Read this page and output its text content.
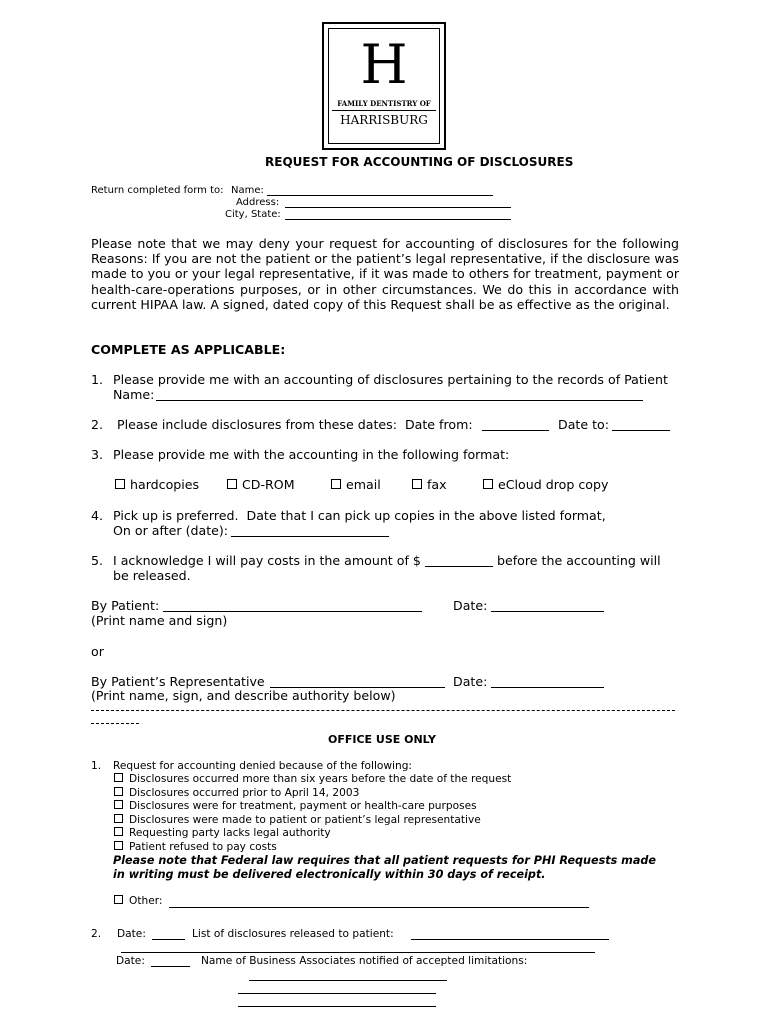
H
FAMILY DENTISTRY OF
HARRISBURG
REQUEST FOR ACCOUNTING OF DISCLOSURES
Return completed form to: Name:
Address:
City, State:
Please note that we may deny your request for accounting of disclosures for the following Reasons: If you are not the patient or the patient’s legal representative, if the disclosure was made to you or your legal representative, if it was made to others for treatment, payment or health-care-operations purposes, or in other circumstances. We do this in accordance with current HIPAA law. A signed, dated copy of this Request shall be as effective as the original.
COMPLETE AS APPLICABLE:
1. Please provide me with an accounting of disclosures pertaining to the records of Patient
Name:
2. Please include disclosures from these dates:  Date from:	Date to:
3. Please provide me with the accounting in the following format:
hardcopies	CD-ROM	email	fax	eCloud drop copy
4. Pick up is preferred.  Date that I can pick up copies in the above listed format,
On or after (date):
5. I acknowledge I will pay costs in the amount of $	before the accounting will
be released.
By Patient:	Date:
(Print name and sign)
or
By Patient’s Representative	Date:
(Print name, sign, and describe authority below)
OFFICE USE ONLY
1. Request for accounting denied because of the following:
Disclosures occurred more than six years before the date of the request
Disclosures occurred prior to April 14, 2003
Disclosures were for treatment, payment or health-care purposes
Disclosures were made to patient or patient’s legal representative
Requesting party lacks legal authority
Patient refused to pay costs
Please note that Federal law requires that all patient requests for PHI Requests made
in writing must be delivered electronically within 30 days of receipt.
Other:
2. Date:	List of disclosures released to patient:
Date:	Name of Business Associates notified of accepted limitations:
